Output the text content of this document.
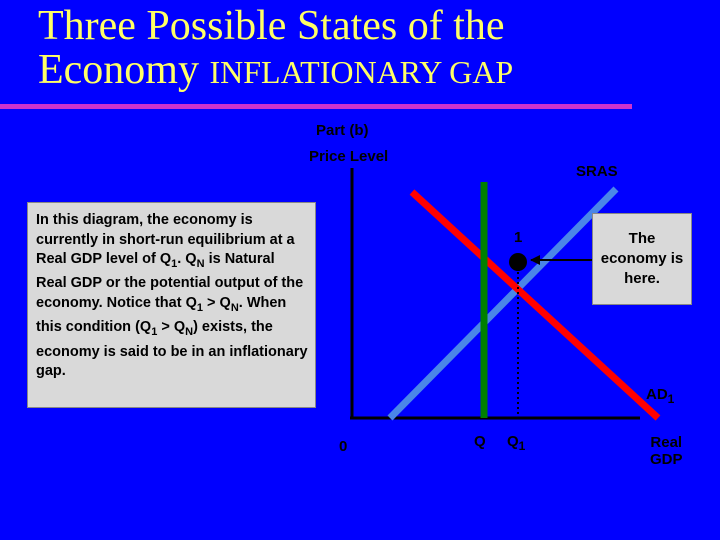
Three Possible States of the
Economy INFLATIONARY GAP
Part (b)
Price Level
SRAS
1
$AD_1$
In this diagram, the economy is currently in short-run equilibrium at a Real GDP level of $Q_1$. $Q_N$ is Natural Real GDP or the potential output of the economy. Notice that $Q_1 > Q_N$. When this condition $(Q_1 > Q_N)$ exists, the economy is said to be in an inflationary gap.
The economy is here.
0	Q $Q_1$	Real
GDP
